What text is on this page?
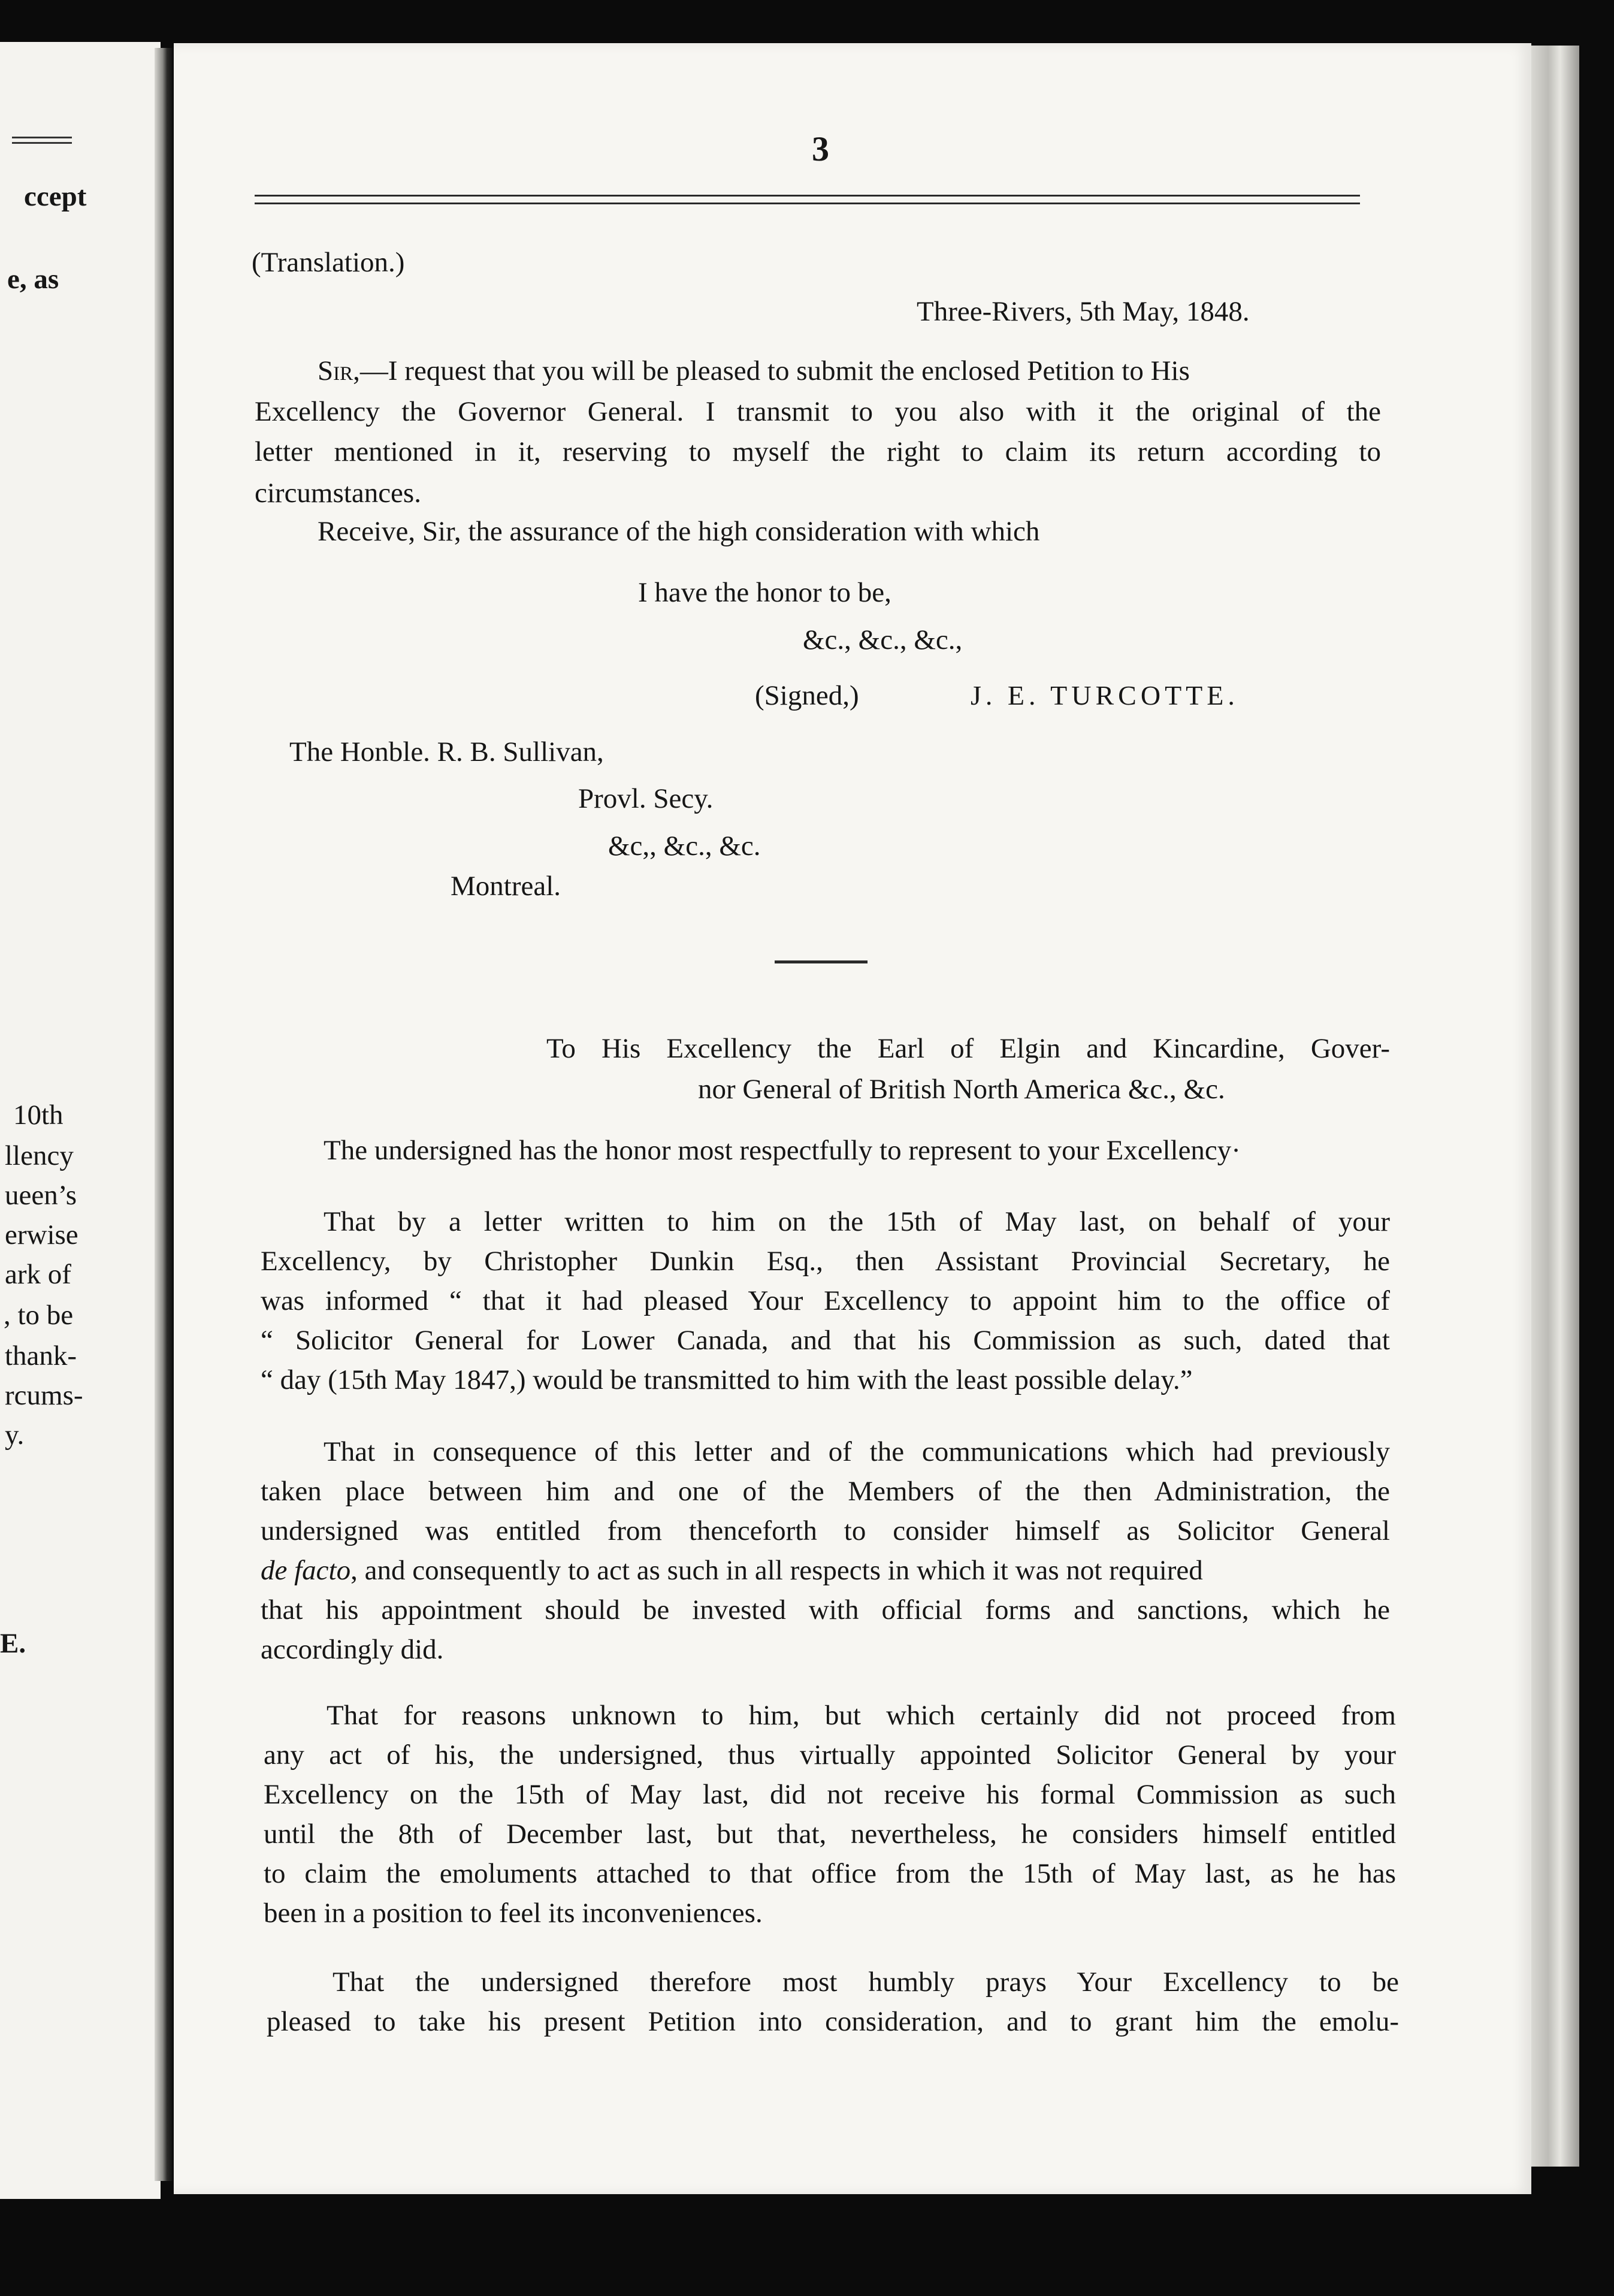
ccept
e, as
10th
llency
ueen’s
erwise
ark of
, to be
thank-
rcums-
y.
E.
3
(Translation.)
Three-Rivers, 5th May, 1848.
Sir,—I request that you will be pleased to submit the enclosed Petition to His
Excellency the Governor General. I transmit to you also with it the original of the
letter mentioned in it, reserving to myself the right to claim its return according to
circumstances.
Receive, Sir, the assurance of the high consideration with which
I have the honor to be,
&c., &c., &c.,
(Signed,)	J. E. TURCOTTE.
The Honble. R. B. Sullivan,
Provl. Secy.
&c,, &c., &c.
Montreal.
To His Excellency the Earl of Elgin and Kincardine, Gover-
nor General of British North America &c., &c.
The undersigned has the honor most respectfully to represent to your Excellency·
That by a letter written to him on the 15th of May last, on behalf of your
Excellency, by Christopher Dunkin Esq., then Assistant Provincial Secretary, he
was informed “ that it had pleased Your Excellency to appoint him to the office of
“ Solicitor General for Lower Canada, and that his Commission as such, dated that
“ day (15th May 1847,) would be transmitted to him with the least possible delay.”
That in consequence of this letter and of the communications which had previously
taken place between him and one of the Members of the then Administration, the
undersigned was entitled from thenceforth to consider himself as Solicitor General
de facto, and consequently to act as such in all respects in which it was not required
that his appointment should be invested with official forms and sanctions, which he
accordingly did.
That for reasons unknown to him, but which certainly did not proceed from
any act of his, the undersigned, thus virtually appointed Solicitor General by your
Excellency on the 15th of May last, did not receive his formal Commission as such
until the 8th of December last, but that, nevertheless, he considers himself entitled
to claim the emoluments attached to that office from the 15th of May last, as he has
been in a position to feel its inconveniences.
That the undersigned therefore most humbly prays Your Excellency to be
pleased to take his present Petition into consideration, and to grant him the emolu-
